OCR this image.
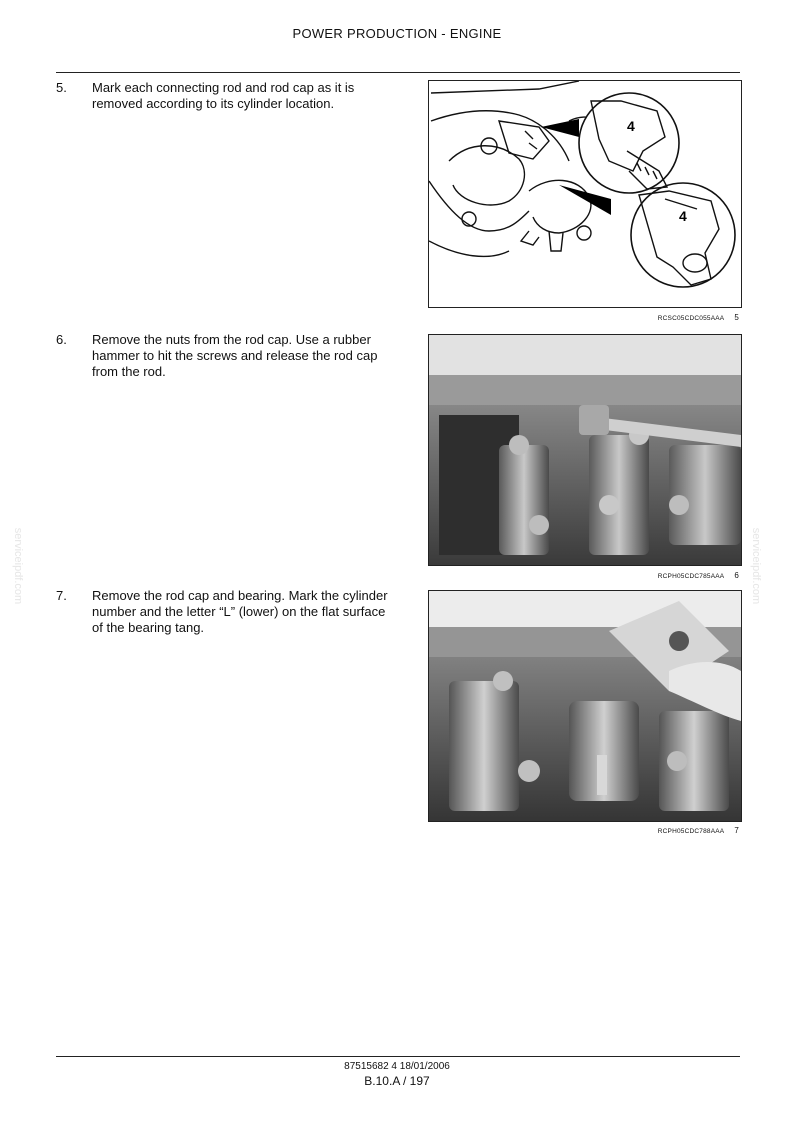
POWER PRODUCTION - ENGINE
serviceipdf.com	serviceipdf.com
5. Mark each connecting rod and rod cap as it is removed according to its cylinder location.
4
4
RCSC05CDC055AAA 5
6. Remove the nuts from the rod cap. Use a rubber hammer to hit the screws and release the rod cap from the rod.
RCPH05CDC785AAA 6
7. Remove the rod cap and bearing. Mark the cylinder number and the letter “L” (lower) on the flat surface of the bearing tang.
RCPH05CDC788AAA 7
87515682 4 18/01/2006
B.10.A / 197
